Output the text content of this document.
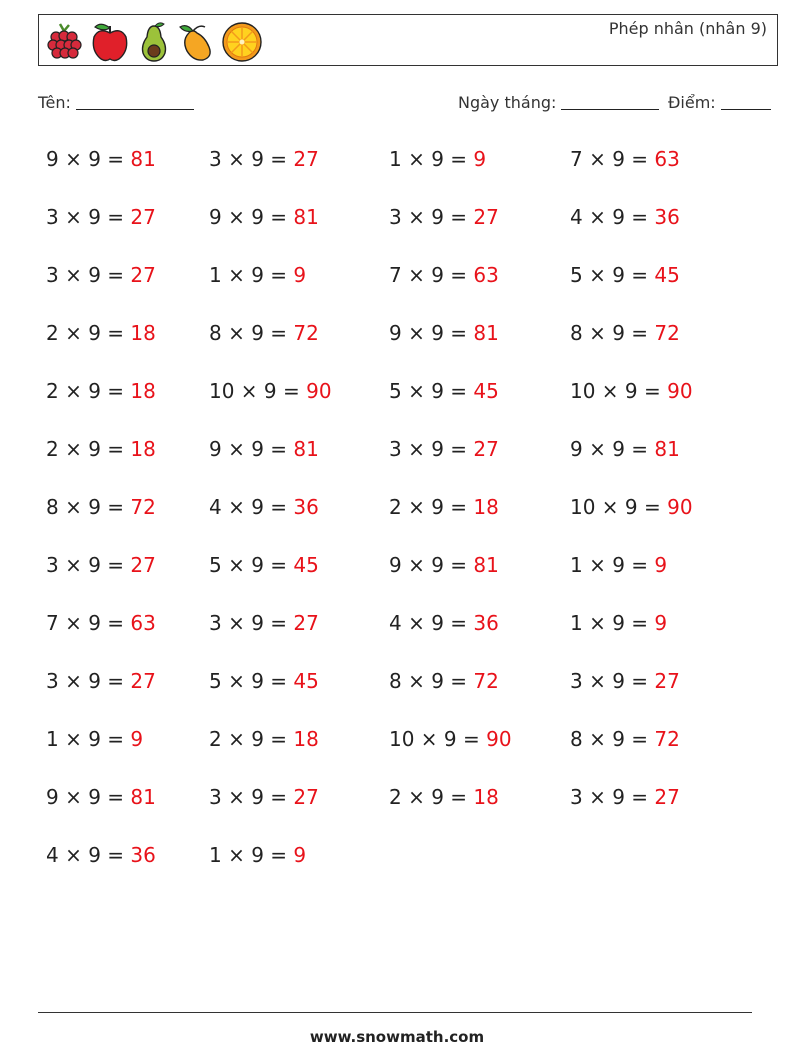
Phép nhân (nhân 9)
Tên:	Ngày tháng:	Điểm:
9 × 9 = 81	3 × 9 = 27	1 × 9 = 9	7 × 9 = 63
3 × 9 = 27	9 × 9 = 81	3 × 9 = 27	4 × 9 = 36
3 × 9 = 27	1 × 9 = 9	7 × 9 = 63	5 × 9 = 45
2 × 9 = 18	8 × 9 = 72	9 × 9 = 81	8 × 9 = 72
2 × 9 = 18	10 × 9 = 90	5 × 9 = 45	10 × 9 = 90
2 × 9 = 18	9 × 9 = 81	3 × 9 = 27	9 × 9 = 81
8 × 9 = 72	4 × 9 = 36	2 × 9 = 18	10 × 9 = 90
3 × 9 = 27	5 × 9 = 45	9 × 9 = 81	1 × 9 = 9
7 × 9 = 63	3 × 9 = 27	4 × 9 = 36	1 × 9 = 9
3 × 9 = 27	5 × 9 = 45	8 × 9 = 72	3 × 9 = 27
1 × 9 = 9	2 × 9 = 18	10 × 9 = 90	8 × 9 = 72
9 × 9 = 81	3 × 9 = 27	2 × 9 = 18	3 × 9 = 27
4 × 9 = 36	1 × 9 = 9
www.snowmath.com
